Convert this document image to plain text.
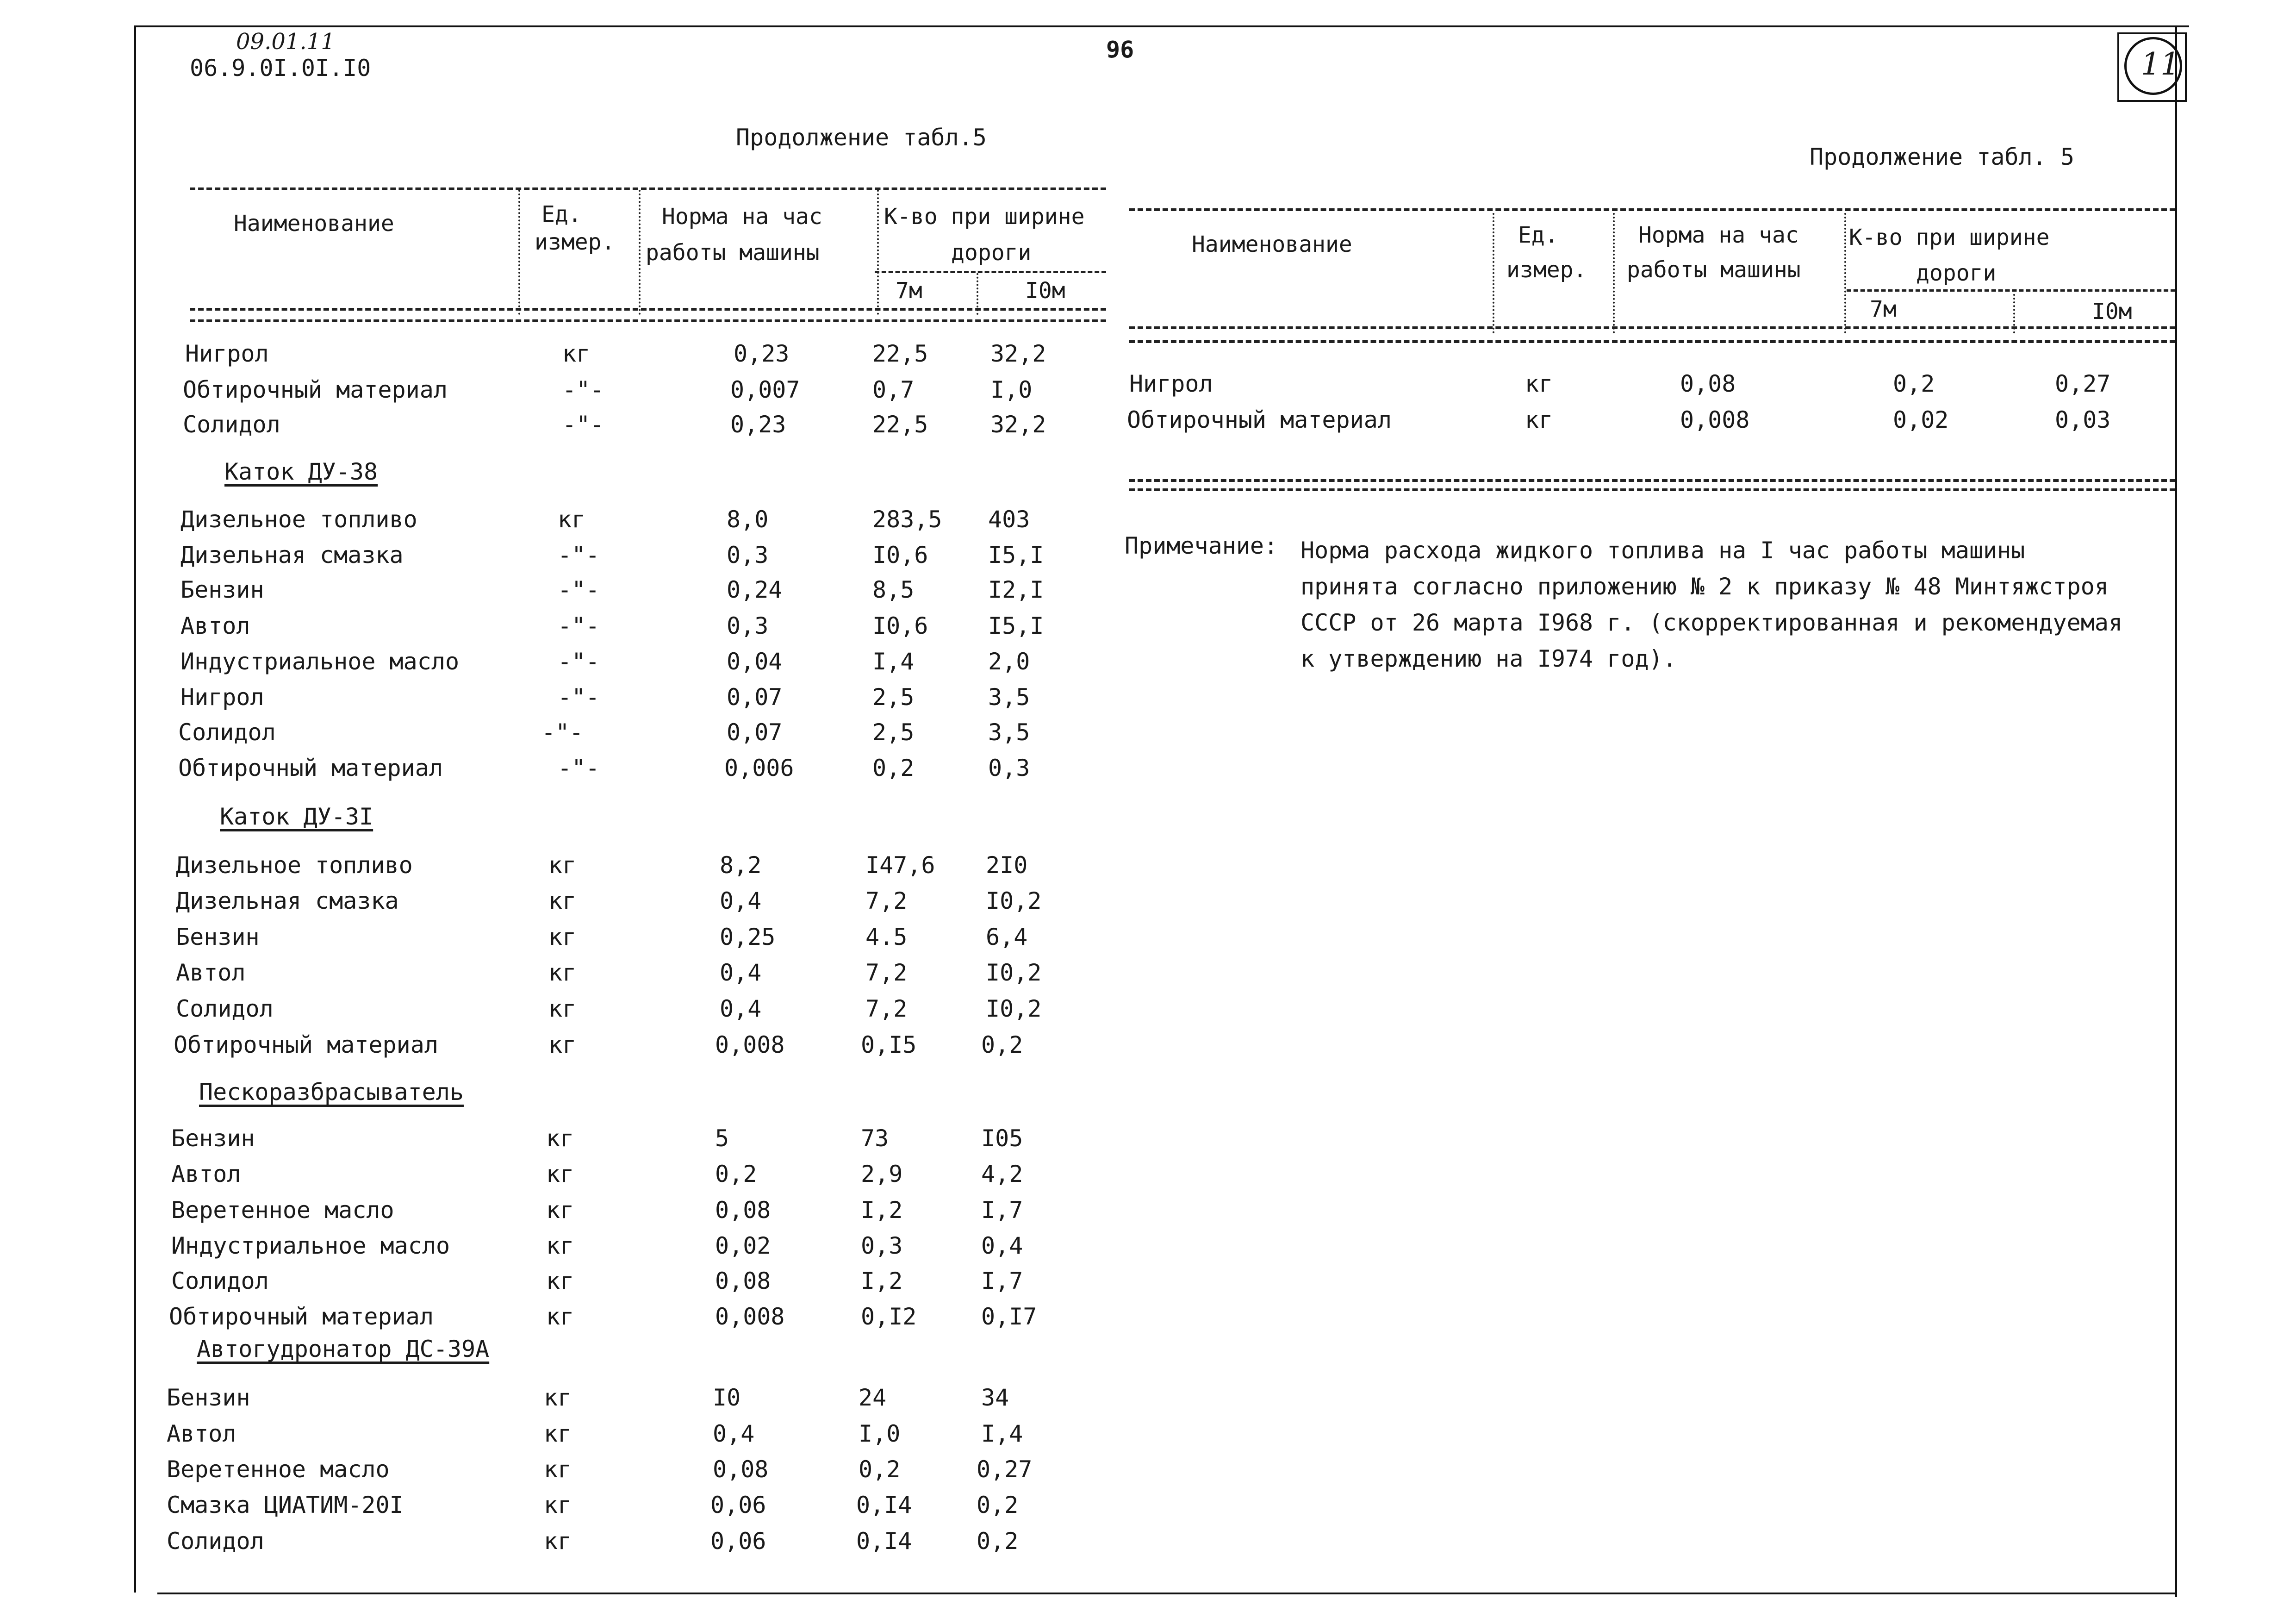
09.01.11
06.9.0I.0I.I0
96	11
Продолжение табл.5
Наименование	Ед.
измер.
Норма на час
работы машины
К-во при ширине
дороги
7м	I0м
Нигрол	кг	0,23	22,5	32,2
Обтирочный материал	-"-	0,007	0,7	I,0
Солидол	-"-	0,23	22,5	32,2
Каток ДУ-38
Дизельное топливо	кг	8,0	283,5 403
Дизельная смазка	-"-	0,3	I0,6	I5,I
Бензин	-"-	0,24	8,5	I2,I
Автол	-"-	0,3	I0,6	I5,I
Индустриальное масло	-"-	0,04	I,4	2,0
Нигрол	-"-	0,07	2,5	3,5
Солидол	-"-	0,07	2,5	3,5
Обтирочный материал	-"-	0,006	0,2	0,3
Каток ДУ-3I
Дизельное топливо	кг	8,2	I47,6 2I0
Дизельная смазка	кг	0,4	7,2	I0,2
Бензин	кг	0,25	4.5	6,4
Автол	кг	0,4	7,2	I0,2
Солидол	кг	0,4	7,2	I0,2
Обтирочный материал	кг	0,008	0,I5	0,2
Пескоразбрасыватель
Бензин	кг	5	73	I05
Автол	кг	0,2	2,9	4,2
Веретенное масло	кг	0,08	I,2	I,7
Индустриальное масло	кг	0,02	0,3	0,4
Солидол	кг	0,08	I,2	I,7
Обтирочный материал	кг	0,008	0,I2	0,I7
Автогудронатор ДС-39А
Бензин	кг	I0	24	34
Автол	кг	0,4	I,0	I,4
Веретенное масло	кг	0,08	0,2	0,27
Смазка ЦИАТИМ-20I	кг	0,06	0,I4	0,2
Солидол	кг	0,06	0,I4	0,2
Продолжение табл. 5
Наименование	Ед.
измер.
Норма на час
работы машины
К-во при ширине
дороги
7м	I0м
Нигрол	кг	0,08	0,2	0,27
Обтирочный материал	кг	0,008	0,02	0,03
Примечание: Норма расхода жидкого топлива на I час работы машины
принята согласно приложению № 2 к приказу № 48 Минтяжстроя
СССР от 26 марта I968 г. (скорректированная и рекомендуемая
к утверждению на I974 год).
